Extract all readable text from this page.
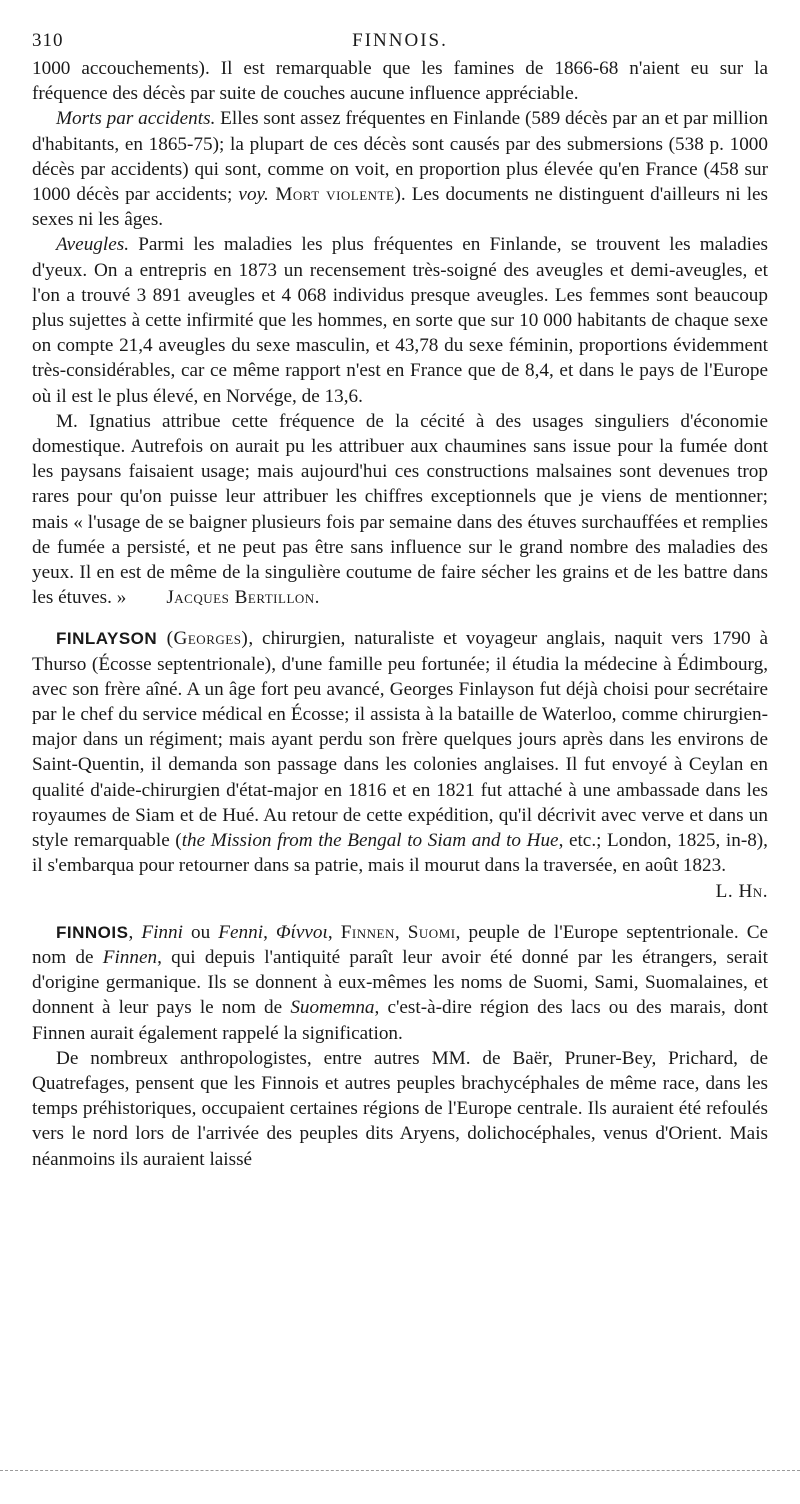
310	FINNOIS.

1000 accouchements). Il est remarquable que les famines de 1866-68 n'aient eu sur la fréquence des décès par suite de couches aucune influence appréciable.

Morts par accidents. Elles sont assez fréquentes en Finlande (589 décès par an et par million d'habitants, en 1865-75); la plupart de ces décès sont causés par des submersions (538 p. 1000 décès par accidents) qui sont, comme on voit, en proportion plus élevée qu'en France (458 sur 1000 décès par accidents; voy. Mort violente). Les documents ne distinguent d'ailleurs ni les sexes ni les âges.

Aveugles. Parmi les maladies les plus fréquentes en Finlande, se trouvent les maladies d'yeux. On a entrepris en 1873 un recensement très-soigné des aveugles et demi-aveugles, et l'on a trouvé 3 891 aveugles et 4 068 individus presque aveugles. Les femmes sont beaucoup plus sujettes à cette infirmité que les hommes, en sorte que sur 10 000 habitants de chaque sexe on compte 21,4 aveugles du sexe masculin, et 43,78 du sexe féminin, proportions évidemment très-considérables, car ce même rapport n'est en France que de 8,4, et dans le pays de l'Europe où il est le plus élevé, en Norvége, de 13,6.

M. Ignatius attribue cette fréquence de la cécité à des usages singuliers d'économie domestique. Autrefois on aurait pu les attribuer aux chaumines sans issue pour la fumée dont les paysans faisaient usage; mais aujourd'hui ces constructions malsaines sont devenues trop rares pour qu'on puisse leur attribuer les chiffres exceptionnels que je viens de mentionner; mais « l'usage de se baigner plusieurs fois par semaine dans des étuves surchauffées et remplies de fumée a persisté, et ne peut pas être sans influence sur le grand nombre des maladies des yeux. Il en est de même de la singulière coutume de faire sécher les grains et de les battre dans les étuves. » Jacques Bertillon.

FINLAYSON (Georges), chirurgien, naturaliste et voyageur anglais, naquit vers 1790 à Thurso (Écosse septentrionale), d'une famille peu fortunée; il étudia la médecine à Édimbourg, avec son frère aîné. A un âge fort peu avancé, Georges Finlayson fut déjà choisi pour secrétaire par le chef du service médical en Écosse; il assista à la bataille de Waterloo, comme chirurgien-major dans un régiment; mais ayant perdu son frère quelques jours après dans les environs de Saint-Quentin, il demanda son passage dans les colonies anglaises. Il fut envoyé à Ceylan en qualité d'aide-chirurgien d'état-major en 1816 et en 1821 fut attaché à une ambassade dans les royaumes de Siam et de Hué. Au retour de cette expédition, qu'il décrivit avec verve et dans un style remarquable (the Mission from the Bengal to Siam and to Hue, etc.; London, 1825, in-8), il s'embarqua pour retourner dans sa patrie, mais il mourut dans la traversée, en août 1823.

L. Hn.

FINNOIS, Finni ou Fenni, Φίννοι, Finnen, Suomi, peuple de l'Europe septentrionale. Ce nom de Finnen, qui depuis l'antiquité paraît leur avoir été donné par les étrangers, serait d'origine germanique. Ils se donnent à eux-mêmes les noms de Suomi, Sami, Suomalaines, et donnent à leur pays le nom de Suomemna, c'est-à-dire région des lacs ou des marais, dont Finnen aurait également rappelé la signification.

De nombreux anthropologistes, entre autres MM. de Baër, Pruner-Bey, Prichard, de Quatrefages, pensent que les Finnois et autres peuples brachycéphales de même race, dans les temps préhistoriques, occupaient certaines régions de l'Europe centrale. Ils auraient été refoulés vers le nord lors de l'arrivée des peuples dits Aryens, dolichocéphales, venus d'Orient. Mais néanmoins ils auraient laissé
